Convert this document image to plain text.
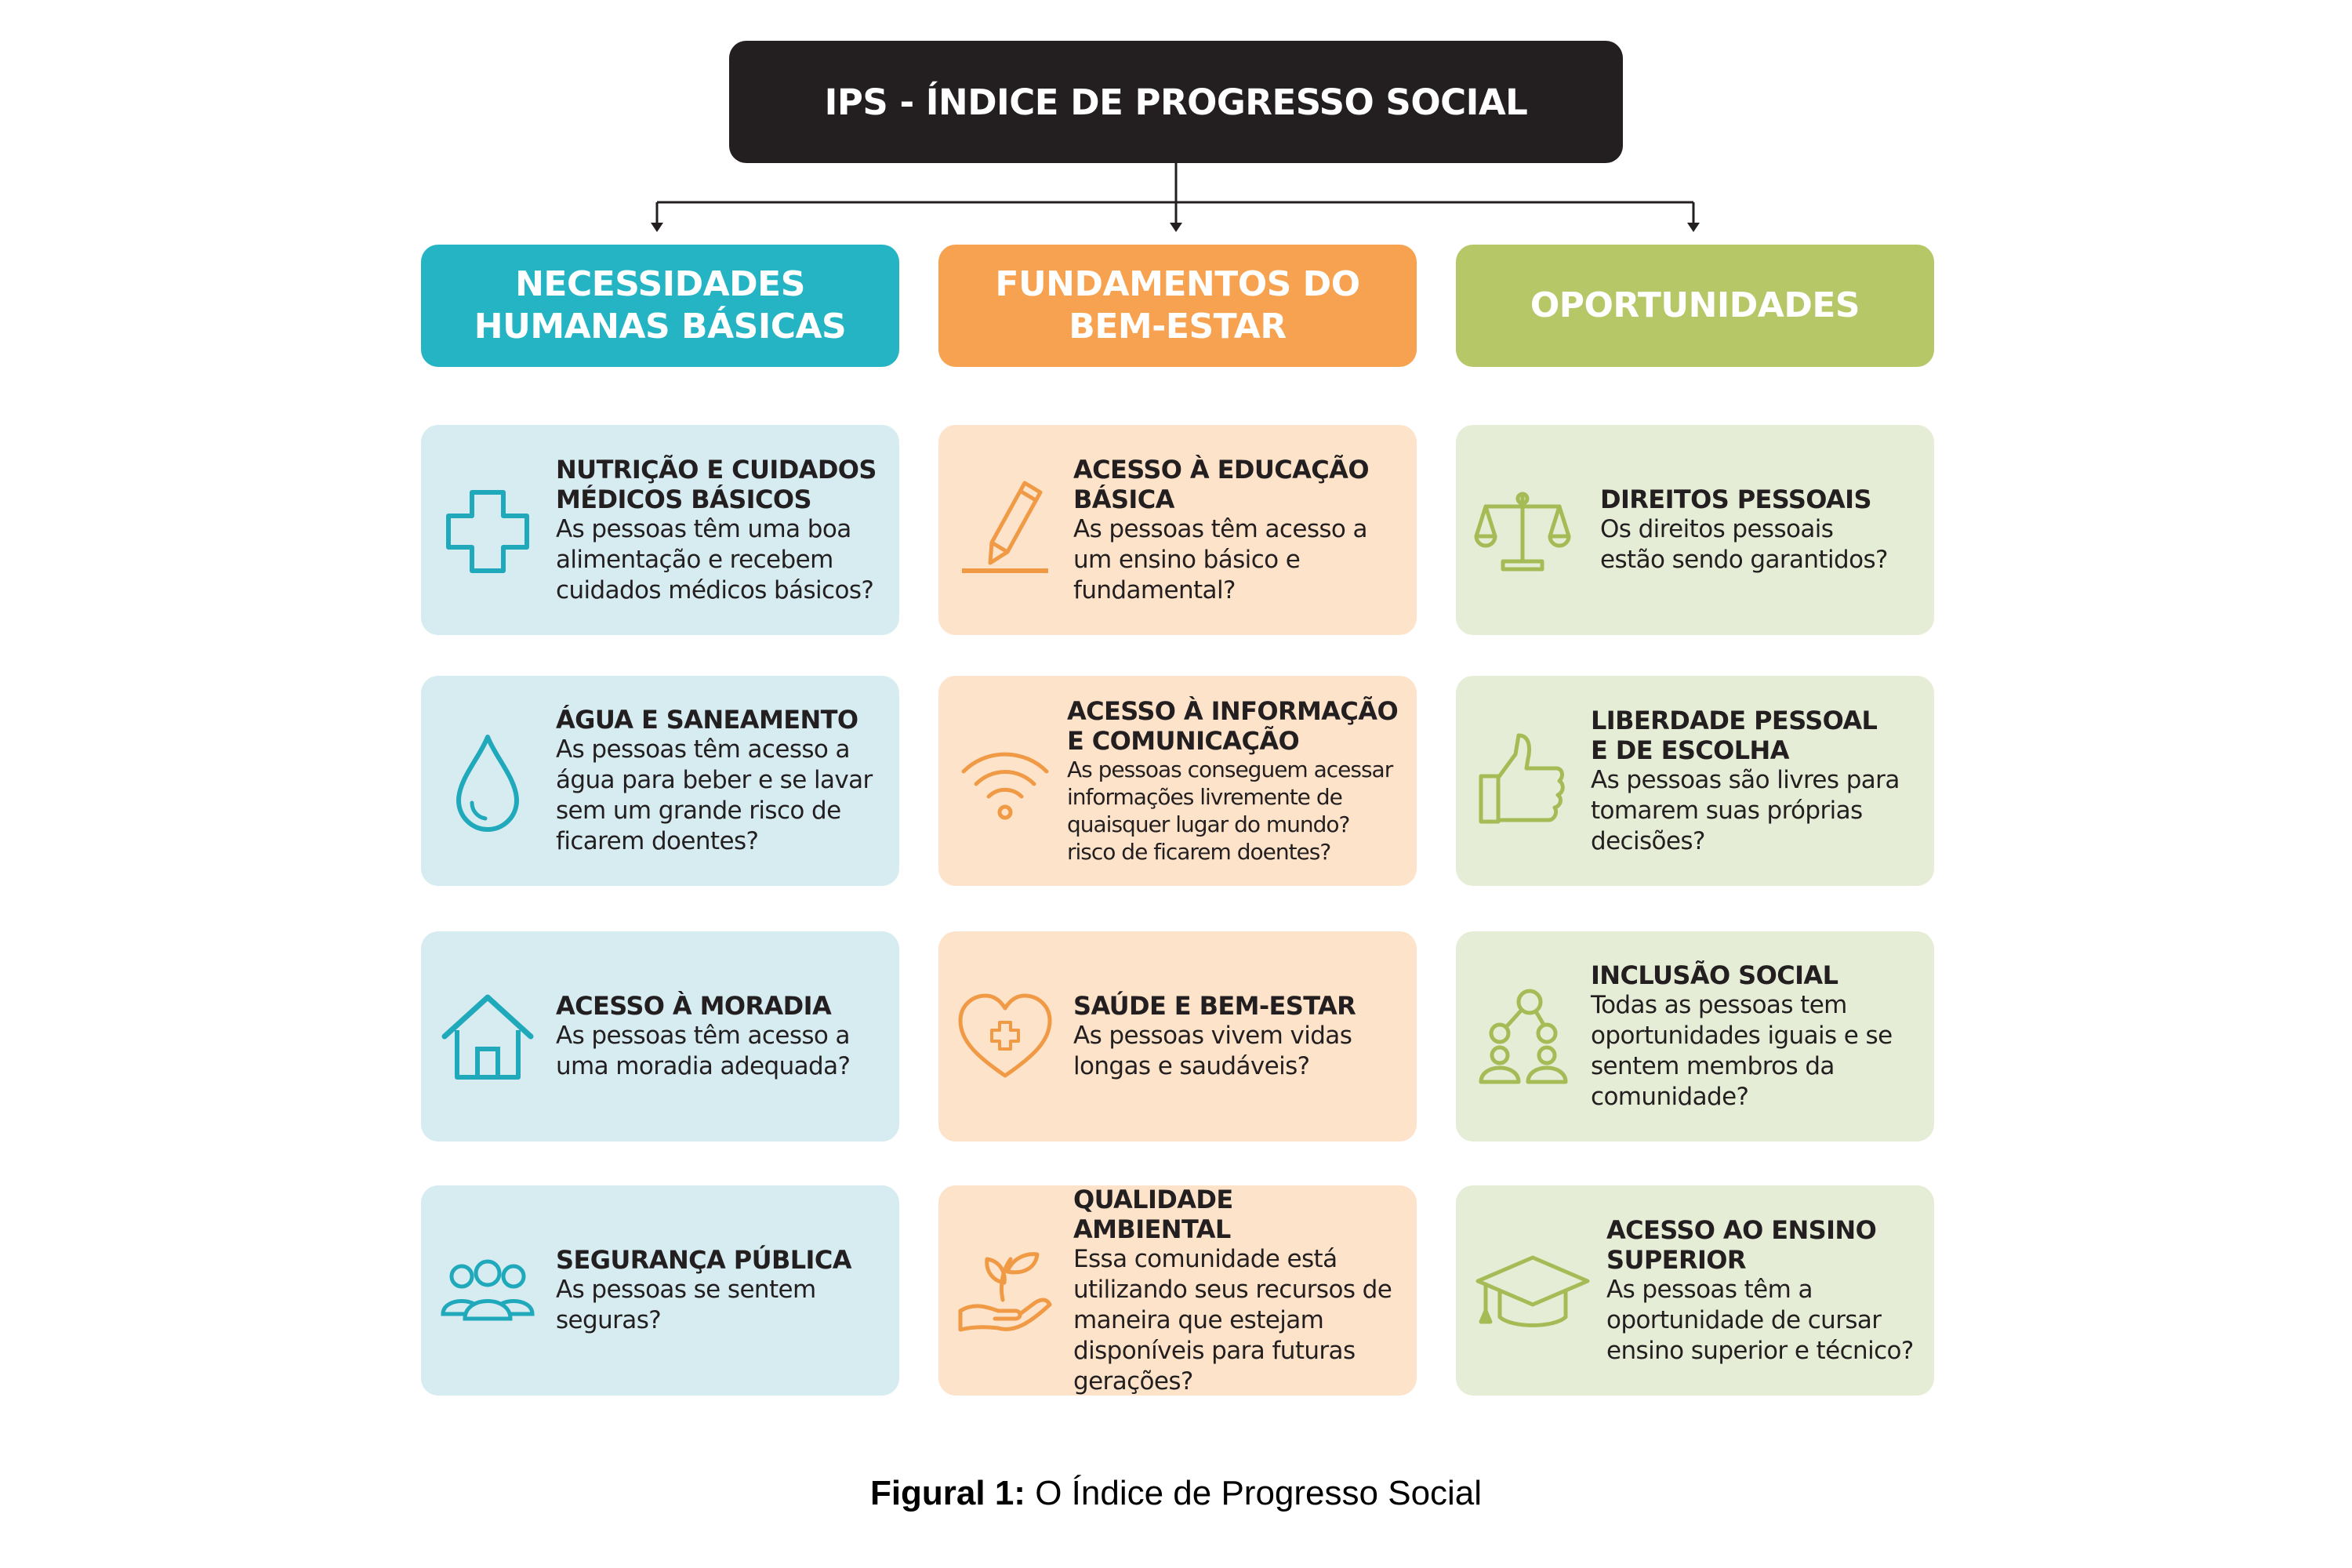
IPS - ÍNDICE DE PROGRESSO SOCIAL
NECESSIDADES
HUMANAS BÁSICAS
FUNDAMENTOS DO
BEM-ESTAR
OPORTUNIDADES
NUTRIÇÃO E CUIDADOS
MÉDICOS BÁSICOS
As pessoas têm uma boa
alimentação e recebem
cuidados médicos básicos?
ÁGUA E SANEAMENTO
As pessoas têm acesso a
água para beber e se lavar
sem um grande risco de
ficarem doentes?
ACESSO À MORADIA
As pessoas têm acesso a
uma moradia adequada?
SEGURANÇA PÚBLICA
As pessoas se sentem
seguras?
ACESSO À EDUCAÇÃO
BÁSICA
As pessoas têm acesso a
um ensino básico e
fundamental?
ACESSO À INFORMAÇÃO
E COMUNICAÇÃO
As pessoas conseguem acessar
informações livremente de
quaisquer lugar do mundo?
risco de ficarem doentes?
SAÚDE E BEM-ESTAR
As pessoas vivem vidas
longas e saudáveis?
QUALIDADE AMBIENTAL
Essa comunidade está
utilizando seus recursos de
maneira que estejam
disponíveis para futuras
gerações?
DIREITOS PESSOAIS
Os direitos pessoais
estão sendo garantidos?
LIBERDADE PESSOAL
E DE ESCOLHA
As pessoas são livres para
tomarem suas próprias
decisões?
INCLUSÃO SOCIAL
Todas as pessoas tem
oportunidades iguais e se
sentem membros da
comunidade?
ACESSO AO ENSINO
SUPERIOR
As pessoas têm a
oportunidade de cursar
ensino superior e técnico?
Figural 1: O Índice de Progresso Social
